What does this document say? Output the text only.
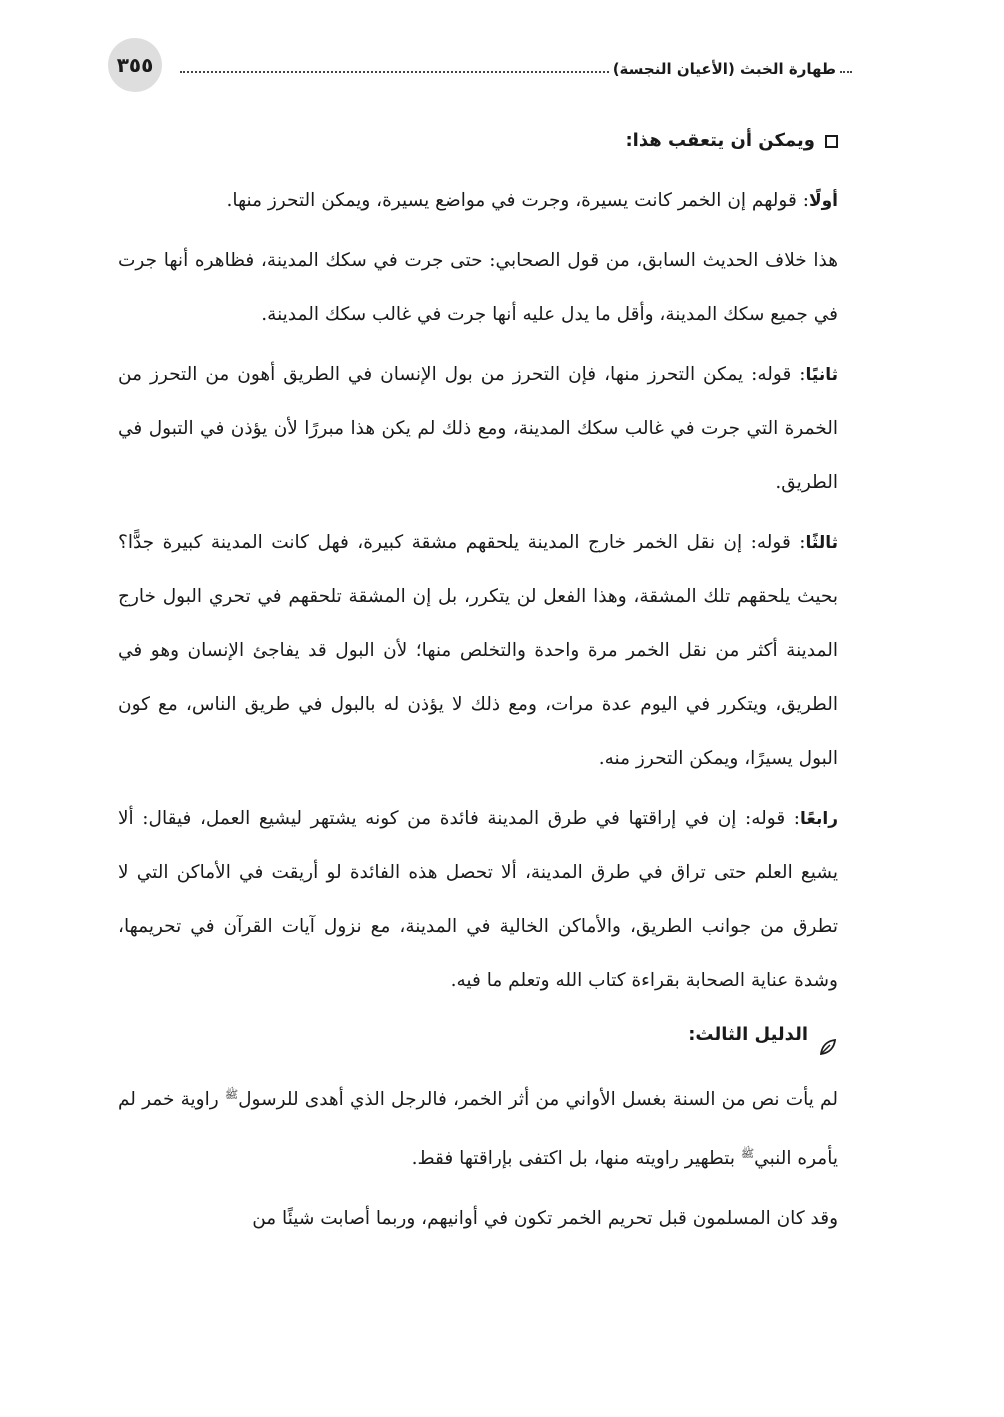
٣٥٥	طهارة الخبث (الأعيان النجسة)

ويمكن أن يتعقب هذا:

أولًا: قولهم إن الخمر كانت يسيرة، وجرت في مواضع يسيرة، ويمكن التحرز منها.

هذا خلاف الحديث السابق، من قول الصحابي: حتى جرت في سكك المدينة، فظاهره أنها جرت في جميع سكك المدينة، وأقل ما يدل عليه أنها جرت في غالب سكك المدينة.

ثانيًا: قوله: يمكن التحرز منها، فإن التحرز من بول الإنسان في الطريق أهون من التحرز من الخمرة التي جرت في غالب سكك المدينة، ومع ذلك لم يكن هذا مبررًا لأن يؤذن في التبول في الطريق.

ثالثًا: قوله: إن نقل الخمر خارج المدينة يلحقهم مشقة كبيرة، فهل كانت المدينة كبيرة جدًّا؟ بحيث يلحقهم تلك المشقة، وهذا الفعل لن يتكرر، بل إن المشقة تلحقهم في تحري البول خارج المدينة أكثر من نقل الخمر مرة واحدة والتخلص منها؛ لأن البول قد يفاجئ الإنسان وهو في الطريق، ويتكرر في اليوم عدة مرات، ومع ذلك لا يؤذن له بالبول في طريق الناس، مع كون البول يسيرًا، ويمكن التحرز منه.

رابعًا: قوله: إن في إراقتها في طرق المدينة فائدة من كونه يشتهر ليشيع العمل، فيقال: ألا يشيع العلم حتى تراق في طرق المدينة، ألا تحصل هذه الفائدة لو أريقت في الأماكن التي لا تطرق من جوانب الطريق، والأماكن الخالية في المدينة، مع نزول آيات القرآن في تحريمها، وشدة عناية الصحابة بقراءة كتاب الله وتعلم ما فيه.

الدليل الثالث:

لم يأت نص من السنة بغسل الأواني من أثر الخمر، فالرجل الذي أهدى للرسول$^ﷺ$ راوية خمر لم يأمره النبي$^ﷺ$ بتطهير راويته منها، بل اكتفى بإراقتها فقط.

وقد كان المسلمون قبل تحريم الخمر تكون في أوانيهم، وربما أصابت شيئًا من
